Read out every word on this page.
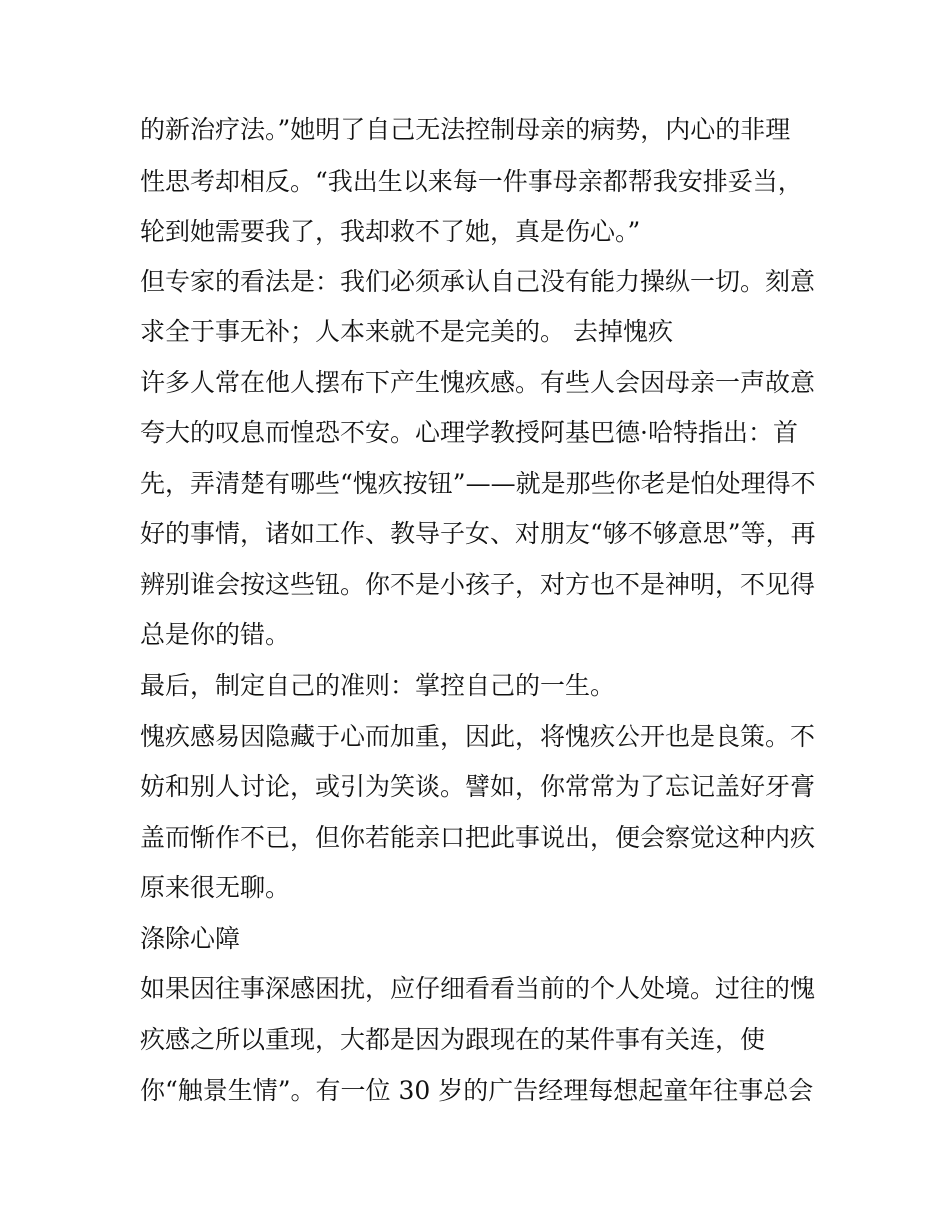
的新治疗法。”她明了自己无法控制母亲的病势，内心的非理
性思考却相反。“我出生以来每一件事母亲都帮我安排妥当，
轮到她需要我了，我却救不了她，真是伤心。”
但专家的看法是：我们必须承认自己没有能力操纵一切。刻意
求全于事无补；人本来就不是完美的。 去掉愧疚
许多人常在他人摆布下产生愧疚感。有些人会因母亲一声故意
夸大的叹息而惶恐不安。心理学教授阿基巴德·哈特指出：首
先，弄清楚有哪些“愧疚按钮”——就是那些你老是怕处理得不
好的事情，诸如工作、教导子女、对朋友“够不够意思”等，再
辨别谁会按这些钮。你不是小孩子，对方也不是神明，不见得
总是你的错。
最后，制定自己的准则：掌控自己的一生。
愧疚感易因隐藏于心而加重，因此，将愧疚公开也是良策。不
妨和别人讨论，或引为笑谈。譬如，你常常为了忘记盖好牙膏
盖而惭作不已，但你若能亲口把此事说出，便会察觉这种内疚
原来很无聊。
涤除心障
如果因往事深感困扰，应仔细看看当前的个人处境。过往的愧
疚感之所以重现，大都是因为跟现在的某件事有关连，使
你“触景生情”。有一位 30 岁的广告经理每想起童年往事总会
